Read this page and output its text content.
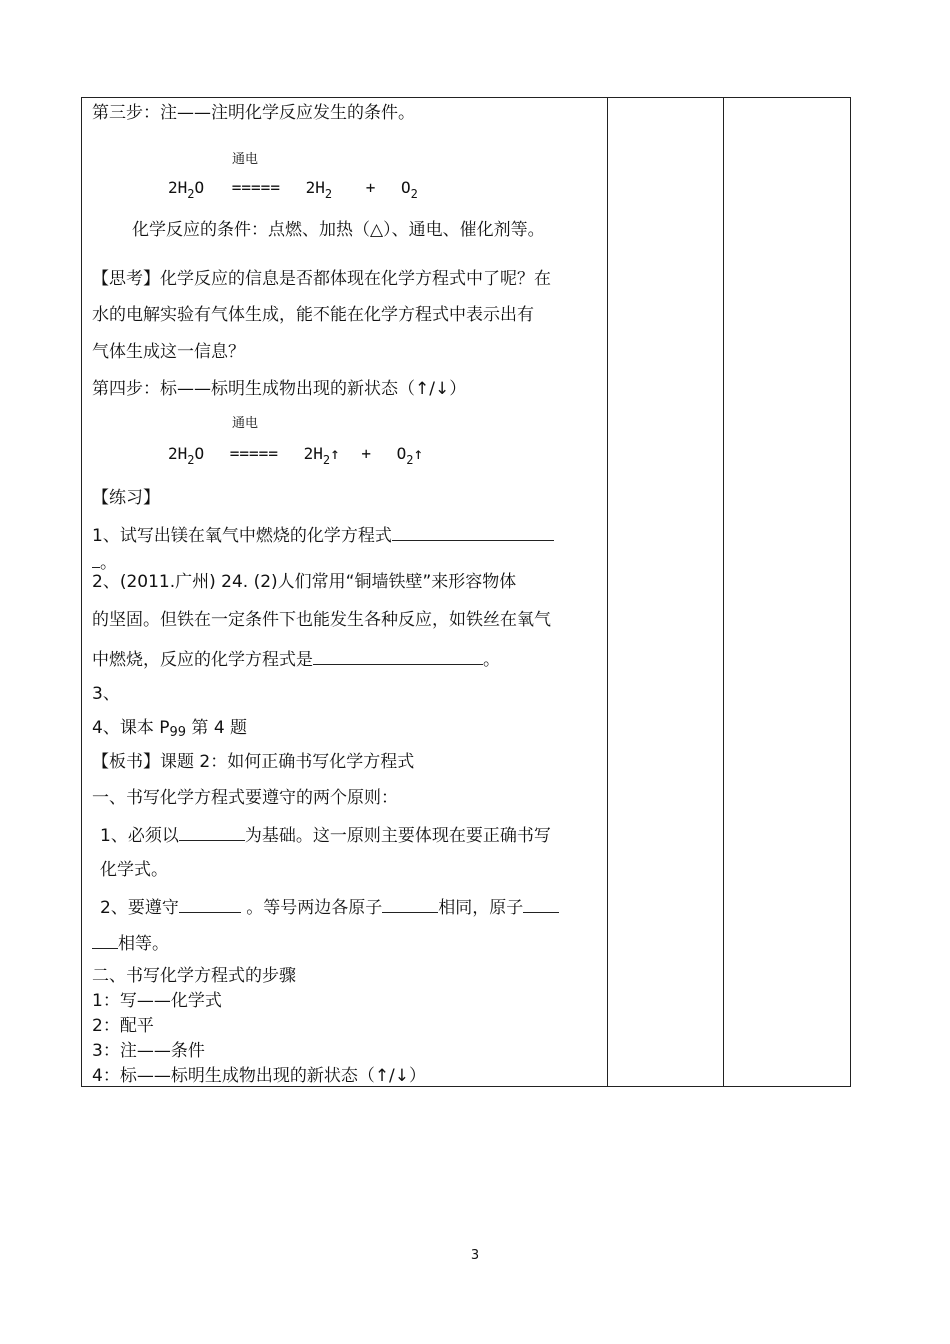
第三步：注——注明化学反应发生的条件。
通电
$2H_2O$ ===== $2H_2 + O_2$
化学反应的条件：点燃、加热（△）、通电、催化剂等。
【思考】化学反应的信息是否都体现在化学方程式中了呢？在
水的电解实验有气体生成，能不能在化学方程式中表示出有
气体生成这一信息？
第四步：标——标明生成物出现的新状态（↑/↓）
通电
$2H_2O$ ===== $2H_2↑$ + $O_2↑$
【练习】
1、试写出镁在氧气中燃烧的化学方程式
。
2、(2011.广州) 24. (2)人们常用“铜墙铁壁”来形容物体
的坚固。但铁在一定条件下也能发生各种反应，如铁丝在氧气
中燃烧，反应的化学方程式是	。
3、
4、课本 P99 第 4 题
【板书】课题 2：如何正确书写化学方程式
一、书写化学方程式要遵守的两个原则：
1、必须以	为基础。这一原则主要体现在要正确书写
化学式。
2、要遵守	。等号两边各原子	相同，原子
相等。
二、书写化学方程式的步骤
1：写——化学式
2：配平
3：注——条件
4：标——标明生成物出现的新状态（↑/↓）
3
